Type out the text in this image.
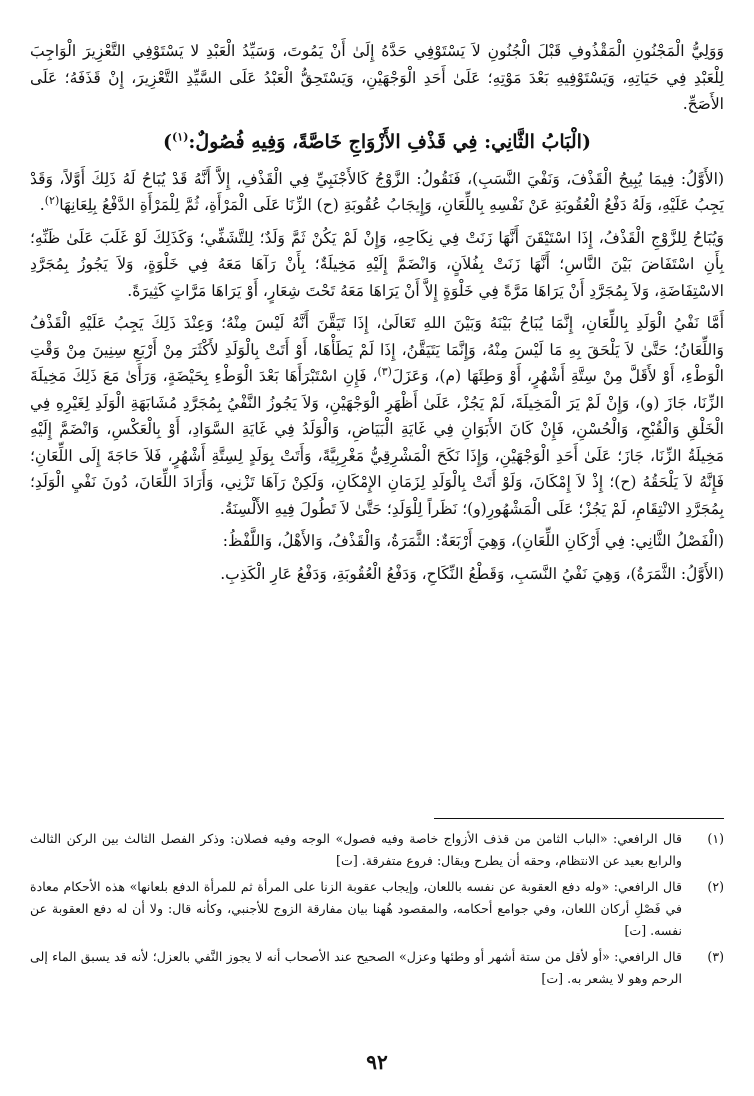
وَوَلِيُّ الْمَجْنُونِ الْمَقْذُوفِ قَبْلَ الْجُنُونِ لاَ يَسْتَوْفِي حَدَّهُ إِلَىٰ أَنْ يَمُوتَ، وَسَيِّدُ الْعَبْدِ لا يَسْتَوْفِي التَّعْزِيرَ الْوَاجِبَ لِلْعَبْدِ فِي حَيَاتِهِ، وَيَسْتَوْفِيهِ بَعْدَ مَوْتِهِ؛ عَلَىٰ أَحَدِ الْوَجْهَيْنِ، وَيَسْتَحِقُّ الْعَبْدُ عَلَى السَّيِّدِ التَّعْزِيرَ، إِنْ قَذَفَهُ؛ عَلَى الأَصَحِّ.

(الْبَابُ الثَّانِي: فِي قَذْفِ الأَزْوَاجِ خَاصَّةً، وَفِيهِ فُصُولٌ:$^{(١)}$)

(الأَوَّلُ: فِيمَا يُبِيحُ الْقَذْفَ، وَنَفْيَ النَّسَبِ)، فَنَقُولُ: الزَّوْجُ كَالأَجْنَبِيِّ فِي الْقَذْفِ، إِلاَّ أَنَّهُ قَدْ يُبَاحُ لَهُ ذَلِكَ أَوَّلاً، وَقَدْ يَجِبُ عَلَيْهِ، وَلَهُ دَفْعُ الْعُقُوبَةِ عَنْ نَفْسِهِ بِاللِّعَانِ، وَإِيجَابُ عُقُوبَةِ (ح) الزِّنَا عَلَى الْمَرْأَةِ، ثُمَّ لِلْمَرْأَةِ الدَّفْعُ بِلِعَانِهَا$^{(٢)}$.

وَيُبَاحُ لِلزَّوْجِ الْقَذْفُ، إِذَا اسْتَيْقَنَ أَنَّهَا زَنَتْ فِي نِكَاحِهِ، وَإِنْ لَمْ يَكُنْ ثَمَّ وَلَدٌ؛ لِلتَّشَفِّي؛ وَكَذَلِكَ لَوْ غَلَبَ عَلَىٰ ظَنِّهِ؛ بِأَنِ اسْتَفَاضَ بَيْنَ النَّاسِ؛ أَنَّهَا زَنَتْ بِفُلاَنٍ، وَانْضَمَّ إِلَيْهِ مَخِيلَةٌ؛ بِأَنْ رَآهَا مَعَهُ فِي خَلْوَةٍ، وَلاَ يَجُوزُ بِمُجَرَّدِ الاسْتِفَاضَةِ، وَلاَ بِمُجَرَّدِ أَنْ يَرَاهَا مَرَّةً فِي خَلْوَةٍ إِلاَّ أَنْ يَرَاهَا مَعَهُ تَحْتَ شِعَارٍ، أَوْ يَرَاهَا مَرَّاتٍ كَثِيرَةً.

أَمَّا نَفْيُ الْوَلَدِ بِاللِّعَانِ، إِنَّمَا يُبَاحُ بَيْنَهُ وَبَيْنَ اللهِ تَعَالَىٰ، إِذَا تَيَقَّنَ أَنَّهُ لَيْسَ مِنْهُ؛ وَعِنْدَ ذَلِكَ يَجِبُ عَلَيْهِ الْقَذْفُ وَاللِّعَانُ؛ حَتَّىٰ لاَ يَلْحَقَ بِهِ مَا لَيْسَ مِنْهُ، وَإِنَّمَا يَتَيَقَّنُ، إِذَا لَمْ يَطَأْهَا، أَوْ أَتَتْ بِالْوَلَدِ لأَكْثَرَ مِنْ أَرْبَعِ سِنِينَ مِنْ وَقْتِ الْوَطْءِ، أَوْ لأَقَلَّ مِنْ سِتَّةِ أَشْهُرٍ، أَوْ وَطِئَهَا (م)، وَعَزَلَ$^{(٣)}$، فَإِنِ اسْتَبْرَأَهَا بَعْدَ الْوَطْءِ بِحَيْضَةٍ، وَرَأَىٰ مَعَ ذَلِكَ مَخِيلَةَ الزِّنَا، جَازَ (و)، وَإِنْ لَمْ يَرَ الْمَخِيلَةَ، لَمْ يَجُزْ، عَلَىٰ أَظْهَرِ الْوَجْهَيْنِ، وَلاَ يَجُوزُ النَّفْيُ بِمُجَرَّدِ مُشَابَهَةِ الْوَلَدِ لِغَيْرِهِ فِي الْخَلْقِ وَالْقُبْحِ، وَالْحُسْنِ، فَإِنْ كَانَ الأَبَوَانِ فِي غَايَةِ الْبَيَاضِ، وَالْوَلَدُ فِي غَايَةِ السَّوَادِ، أَوْ بِالْعَكْسِ، وَانْضَمَّ إِلَيْهِ مَخِيلَةُ الزِّنَا، جَازَ؛ عَلَىٰ أَحَدِ الْوَجْهَيْنِ، وَإِذَا نَكَحَ الْمَشْرِقِيُّ مَغْرِبِيَّةً، وَأَتَتْ بِوَلَدٍ لِسِتَّةِ أَشْهُرٍ، فَلاَ حَاجَةَ إِلَى اللِّعَانِ؛ فَإِنَّهُ لاَ يَلْحَقُهُ (ح)؛ إِذْ لاَ إِمْكَانَ، وَلَوْ أَتَتْ بِالْوَلَدِ لِزَمَانِ الإِمْكَانِ، وَلَكِنْ رَآهَا تَزْنِي، وَأَرَادَ اللِّعَانَ، دُونَ نَفْيِ الْوَلَدِ؛ بِمُجَرَّدِ الانْتِقَامِ، لَمْ يَجُزْ؛ عَلَى الْمَشْهُورِ(و)؛ نَظَراً لِلْوَلَدِ؛ حَتَّىٰ لاَ تَطُولَ فِيهِ الأَلْسِنَةُ.

(الْفَصْلُ الثَّانِي: فِي أَرْكَانِ اللِّعَانِ)، وَهِيَ أَرْبَعَةٌ: الثَّمَرَةُ، وَالْقَذْفُ، وَالأَهْلُ، وَاللَّفْظُ:

(الأَوَّلُ: الثَّمَرَةُ)، وَهِيَ نَفْيُ النَّسَبِ، وَقَطْعُ النِّكَاحِ، وَدَفْعُ الْعُقُوبَةِ، وَدَفْعُ عَارِ الْكَذِبِ.

(١)
قال الرافعي: «الباب الثامن من قذف الأزواج خاصة وفيه فصول» الوجه وفيه فصلان: وذكر الفصل الثالث بين الركن الثالث والرابع بعيد عن الانتظام، وحقه أن يطرح ويقال: فروع متفرقة. [ت]
(٢)
قال الرافعي: «وله دفع العقوبة عن نفسه باللعان، وإيجاب عقوبة الزنا على المرأة ثم للمرأة الدفع بلعانها» هذه الأحكام معادة في فَصْلِ أركان اللعان، وفي جوامع أحكامه، والمقصود هُهنا بيان مفارقة الزوج للأجنبي، وكأنه قال: ولا أن له دفع العقوبة عن نفسه. [ت]
(٣)
قال الرافعي: «أو لأقل من ستة أشهر أو وطئها وعزل» الصحيح عند الأصحاب أنه لا يجوز النَّفي بالعزل؛ لأنه قد يسبق الماء إلى الرحم وهو لا يشعر به. [ت]
٩٢
